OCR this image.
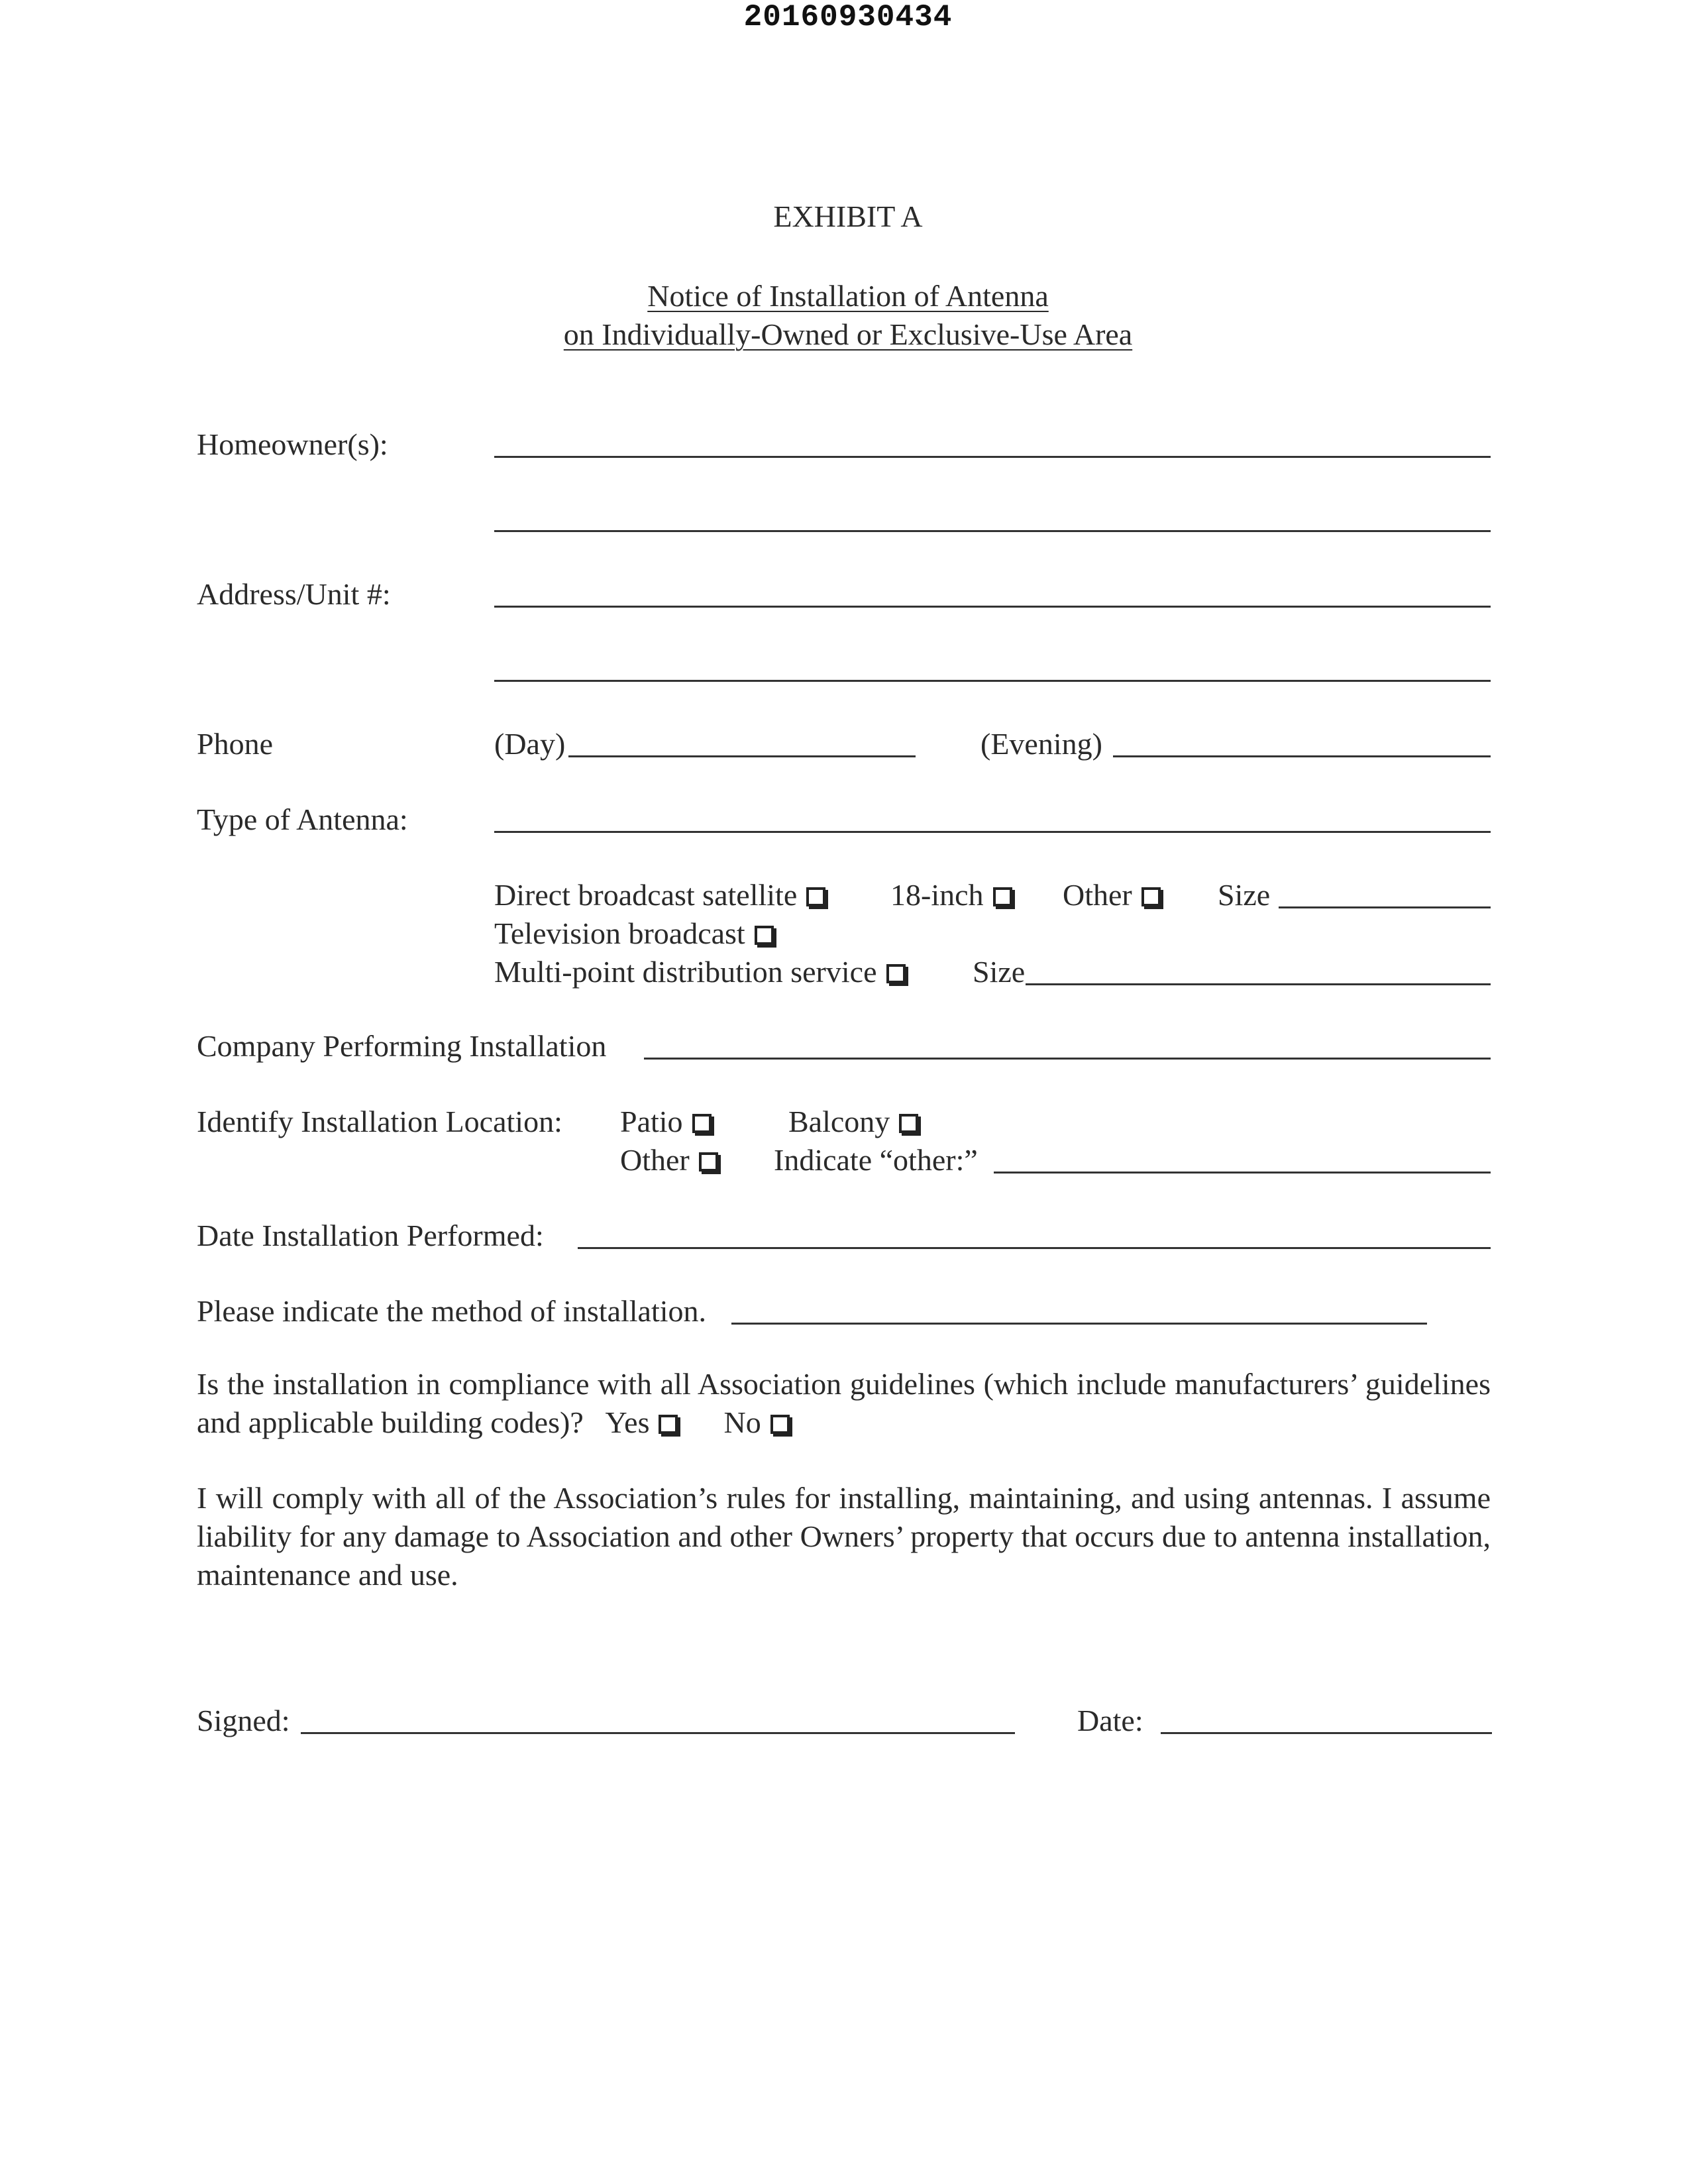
20160930434
EXHIBIT A
Notice of Installation of Antenna
on Individually-Owned or Exclusive-Use Area
Homeowner(s):
Address/Unit #:
Phone	(Day)	(Evening)
Type of Antenna:
Direct broadcast satellite	18-inch	Other	Size
Television broadcast
Multi-point distribution service	Size
Company Performing Installation
Identify Installation Location: Patio	Balcony
Other	Indicate “other:”
Date Installation Performed:
Please indicate the method of installation.
Is the installation in compliance with all Association guidelines (which include manufacturers’ guidelines and applicable building codes)? Yes No
I will comply with all of the Association’s rules for installing, maintaining, and using antennas. I assume liability for any damage to Association and other Owners’ property that occurs due to antenna installation, maintenance and use.
Signed:	Date:
